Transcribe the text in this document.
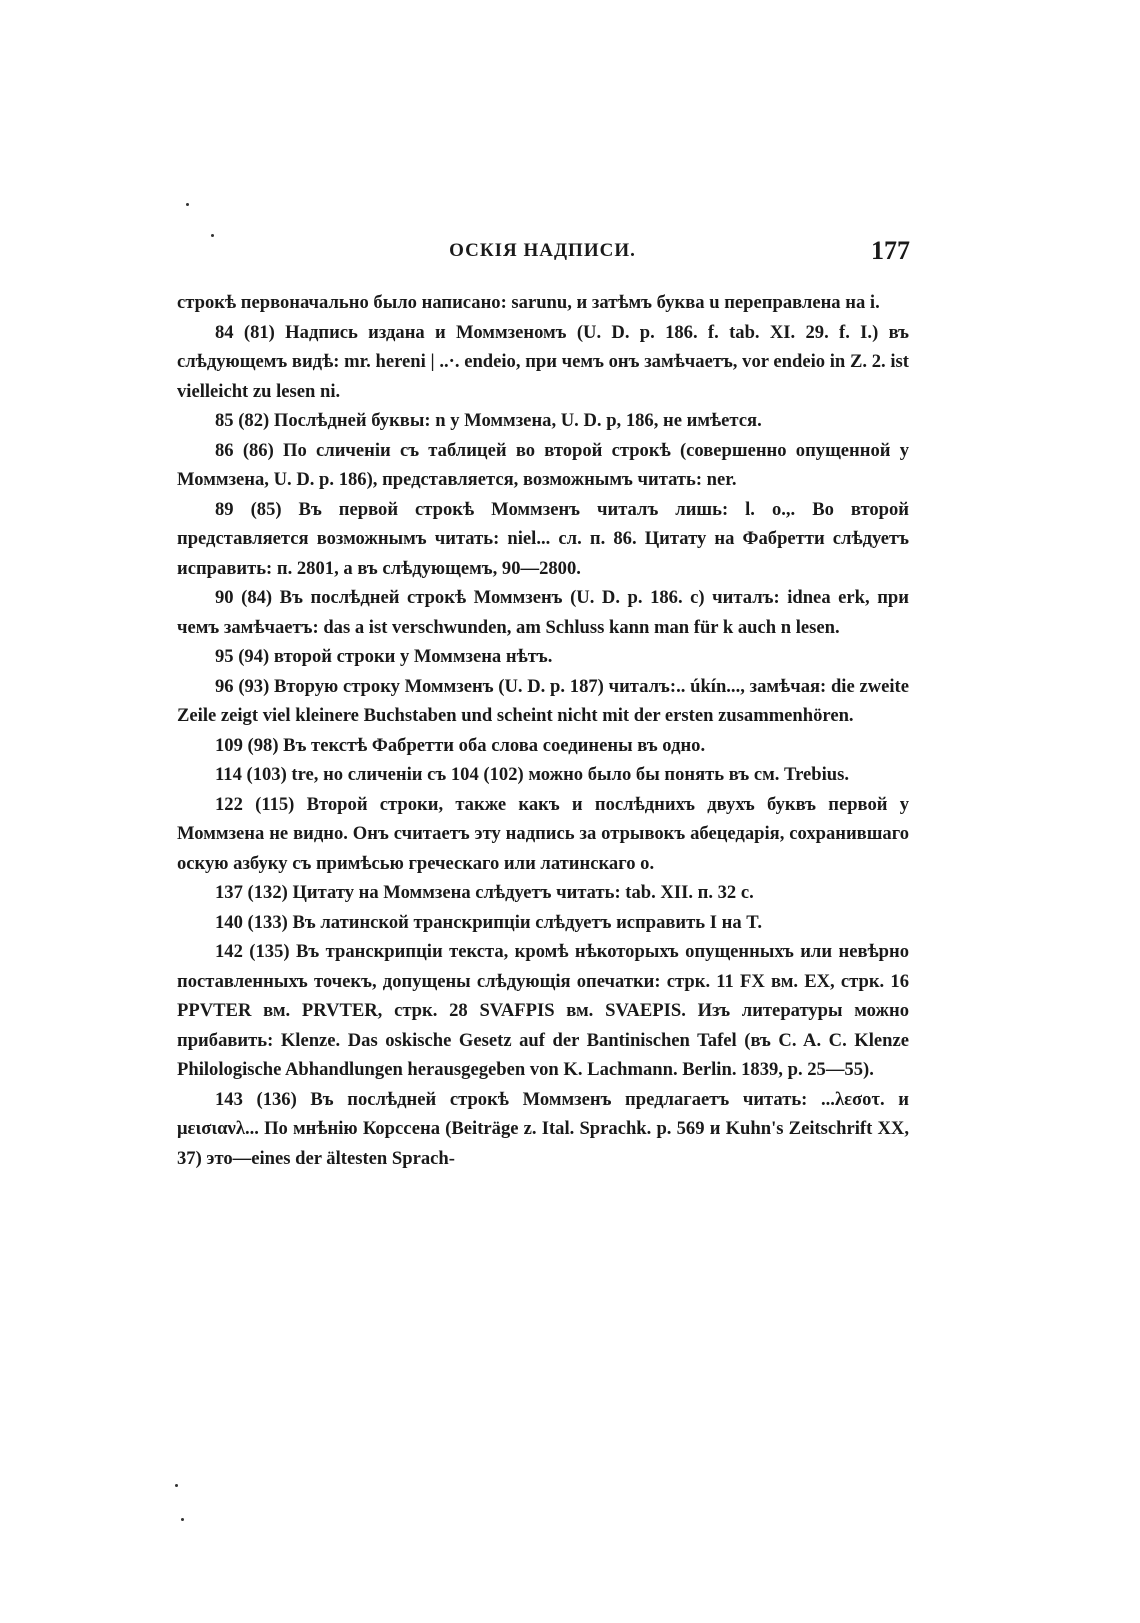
ОСКІЯ НАДПИСИ.	177

строкѣ первоначально было написано: sarunu, и затѣмъ буква u переправлена на i.

84 (81) Надпись издана и Моммзеномъ (U. D. p. 186. f. tab. XI. 29. f. I.) въ слѣдующемъ видѣ: mr. hereni | ..·. endeio, при чемъ онъ замѣчаетъ, vor endeio in Z. 2. ist vielleicht zu lesen ni.

85 (82) Послѣдней буквы: n у Моммзена, U. D. p, 186, не имѣется.

86 (86) По сличеніи съ таблицей во второй строкѣ (совершенно опущенной у Моммзена, U. D. p. 186), представляется, возможнымъ читать: ner.

89 (85) Въ первой строкѣ Моммзенъ читалъ лишь: l. o.,. Во второй представляется возможнымъ читать: niel... сл. п. 86. Цитату на Фабретти слѣдуетъ исправить: п. 2801, а въ слѣдующемъ, 90—2800.

90 (84) Въ послѣдней строкѣ Моммзенъ (U. D. p. 186. c) читалъ: idnea erk, при чемъ замѣчаетъ: das a ist verschwunden, am Schluss kann man für k auch n lesen.

95 (94) второй строки у Моммзена нѣтъ.

96 (93) Вторую строку Моммзенъ (U. D. p. 187) читалъ:.. úkín..., замѣчая: die zweite Zeile zeigt viel kleinere Buchstaben und scheint nicht mit der ersten zusammenhören.

109 (98) Въ текстѣ Фабретти оба слова соединены въ одно.

114 (103) tre, но сличеніи съ 104 (102) можно было бы понять въ см. Trebius.

122 (115) Второй строки, также какъ и послѣднихъ двухъ буквъ первой у Моммзена не видно. Онъ считаетъ эту надпись за отрывокъ абецедарія, сохранившаго оскую азбуку съ примѣсью греческаго или латинскаго o.

137 (132) Цитату на Моммзена слѣдуетъ читать: tab. XII. п. 32 c.

140 (133) Въ латинской транскрипціи слѣдуетъ исправить I на T.

142 (135) Въ транскрипціи текста, кромѣ нѣкоторыхъ опущенныхъ или невѣрно поставленныхъ точекъ, допущены слѣдующія опечатки: стрк. 11 FX вм. EX, стрк. 16 PPVTER вм. PRVTER, стрк. 28 SVAFPIS вм. SVAEPIS. Изъ литературы можно прибавить: Klenze. Das oskische Gesetz auf der Bantinischen Tafel (въ C. A. C. Klenze Philologische Abhandlungen herausgegeben von K. Lachmann. Berlin. 1839, p. 25—55).

143 (136) Въ послѣдней строкѣ Моммзенъ предлагаетъ читать: ...λεσοτ. и μεισιανλ... По мнѣнію Корссена (Beiträge z. Ital. Sprachk. p. 569 и Kuhn's Zeitschrift XX, 37) это—eines der ältesten Sprach-
